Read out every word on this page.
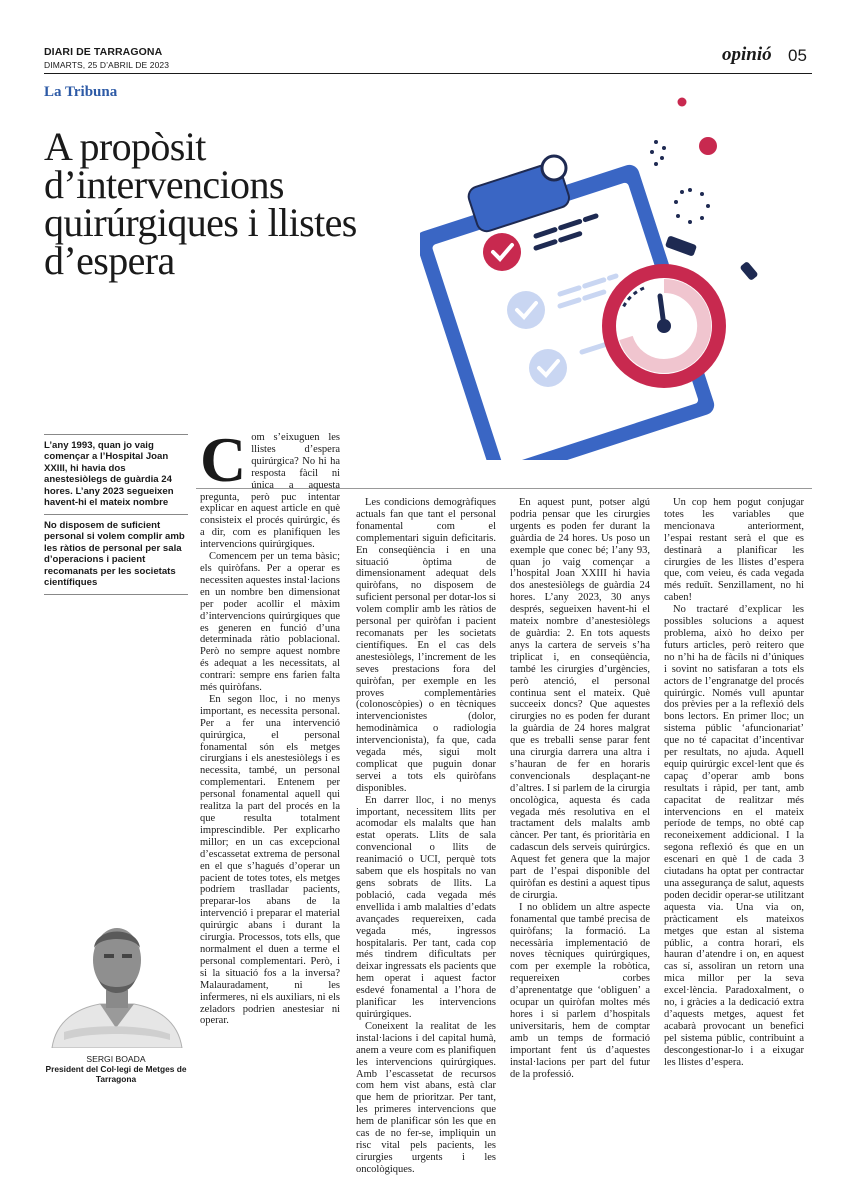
DIARI DE TARRAGONA
DIMARTS, 25 D’ABRIL DE 2023	opinió 05
La Tribuna
A propòsit d’intervencions quirúrgiques i llistes d’espera
L’any 1993, quan jo vaig començar a l’Hospital Joan XXIII, hi havia dos anestesiòlegs de guàrdia 24 hores. L’any 2023 segueixen havent-hi el mateix nombre
No disposem de suficient personal si volem complir amb les ràtios de personal per sala d’operacions i pacient recomanats per les societats científiques
SERGI BOADA
President del Col·legi de Metges de Tarragona

Com s’eixuguen les llistes d’espera quirúrgica? No hi ha resposta fàcil ni única a aquesta pregunta, però puc intentar explicar en aquest article en què consisteix el procés quirúrgic, és a dir, com es planifiquen les intervencions quirúrgiques.

Comencem per un tema bàsic; els quiròfans. Per a operar es necessiten aquestes instal·lacions en un nombre ben dimensionat per poder acollir el màxim d’intervencions quirúrgiques que es generen en funció d’una determinada ràtio poblacional. Però no sempre aquest nombre és adequat a les necessitats, al contrari: sempre ens farien falta més quiròfans.

En segon lloc, i no menys important, es necessita personal. Per a fer una intervenció quirúrgica, el personal fonamental són els metges cirurgians i els anestesiòlegs i es necessita, també, un personal complementari. Entenem per personal fonamental aquell qui realitza la part del procés en la que resulta totalment imprescindible. Per explicarho millor; en un cas excepcional d’escassetat extrema de personal en el que s’hagués d’operar un pacient de totes totes, els metges podríem traslladar pacients, preparar-los abans de la intervenció i preparar el material quirúrgic abans i durant la cirurgia. Processos, tots ells, que normalment el duen a terme el personal complementari. Però, i si la situació fos a la inversa? Malauradament, ni les infermeres, ni els auxiliars, ni els zeladors podrien anestesiar ni operar.

Les condicions demogràfiques actuals fan que tant el personal fonamental com el complementari siguin deficitaris. En conseqüència i en una situació òptima de dimensionament adequat dels quiròfans, no disposem de suficient personal per dotar-los si volem complir amb les ràtios de personal per quiròfan i pacient recomanats per les societats científiques. En el cas dels anestesiòlegs, l’increment de les seves prestacions fora del quiròfan, per exemple en les proves complementàries (colonoscòpies) o en tècniques intervencionistes (dolor, hemodinàmica o radiologia intervencionista), fa que, cada vegada més, sigui molt complicat que puguin donar servei a tots els quiròfans disponibles.

En darrer lloc, i no menys important, necessitem llits per acomodar els malalts que han estat operats. Llits de sala convencional o llits de reanimació o UCI, perquè tots sabem que els hospitals no van gens sobrats de llits. La població, cada vegada més envellida i amb malalties d’edats avançades requereixen, cada vegada més, ingressos hospitalaris. Per tant, cada cop més tindrem dificultats per deixar ingressats els pacients que hem operat i aquest factor esdevé fonamental a l’hora de planificar les intervencions quirúrgiques.

Coneixent la realitat de les instal·lacions i del capital humà, anem a veure com es planifiquen les intervencions quirúrgiques. Amb l’escassetat de recursos com hem vist abans, està clar que hem de prioritzar. Per tant, les primeres intervencions que hem de planificar són les que en cas de no fer-se, impliquin un risc vital pels pacients, les cirurgies urgents i les oncològiques.

En aquest punt, potser algú podria pensar que les cirurgies urgents es poden fer durant la guàrdia de 24 hores. Us poso un exemple que conec bé; l’any 93, quan jo vaig començar a l’hospital Joan XXIII hi havia dos anestesiòlegs de guàrdia 24 hores. L’any 2023, 30 anys després, segueixen havent-hi el mateix nombre d’anestesiòlegs de guàrdia: 2. En tots aquests anys la cartera de serveis s’ha triplicat i, en conseqüència, també les cirurgies d’urgències, però atenció, el personal continua sent el mateix. Què succeeix doncs? Que aquestes cirurgies no es poden fer durant la guàrdia de 24 hores malgrat que es treballi sense parar fent una cirurgia darrera una altra i s’hauran de fer en horaris convencionals desplaçant-ne d’altres. I si parlem de la cirurgia oncològica, aquesta és cada vegada més resolutiva en el tractament dels malalts amb càncer. Per tant, és prioritària en cadascun dels serveis quirúrgics. Aquest fet genera que la major part de l’espai disponible del quiròfan es destini a aquest tipus de cirurgia.

I no oblidem un altre aspecte fonamental que també precisa de quiròfans; la formació. La necessària implementació de noves tècniques quirúrgiques, com per exemple la robòtica, requereixen corbes d’aprenentatge que ‘obliguen’ a ocupar un quiròfan moltes més hores i si parlem d’hospitals universitaris, hem de comptar amb un temps de formació important fent ús d’aquestes instal·lacions per part del futur de la professió.

Un cop hem pogut conjugar totes les variables que mencionava anteriorment, l’espai restant serà el que es destinarà a planificar les cirurgies de les llistes d’espera que, com veieu, és cada vegada més reduït. Senzillament, no hi caben!

No tractaré d’explicar les possibles solucions a aquest problema, això ho deixo per futurs articles, però reitero que no n’hi ha de fàcils ni d’úniques i sovint no satisfaran a tots els actors de l’engranatge del procés quirúrgic. Només vull apuntar dos prèvies per a la reflexió dels bons lectors. En primer lloc; un sistema públic ‘afuncionariat’ que no té capacitat d’incentivar per resultats, no ajuda. Aquell equip quirúrgic excel·lent que és capaç d’operar amb bons resultats i ràpid, per tant, amb capacitat de realitzar més intervencions en el mateix període de temps, no obté cap reconeixement addicional. I la segona reflexió és que en un escenari en què 1 de cada 3 ciutadans ha optat per contractar una assegurança de salut, aquests poden decidir operar-se utilitzant aquesta via. Una via on, pràcticament els mateixos metges que estan al sistema públic, a contra horari, els hauran d’atendre i on, en aquest cas sí, assoliran un retorn una mica millor per la seva excel·lència. Paradoxalment, o no, i gràcies a la dedicació extra d’aquests metges, aquest fet acabarà provocant un benefici pel sistema públic, contribuint a descongestionar-lo i a eixugar les llistes d’espera.
